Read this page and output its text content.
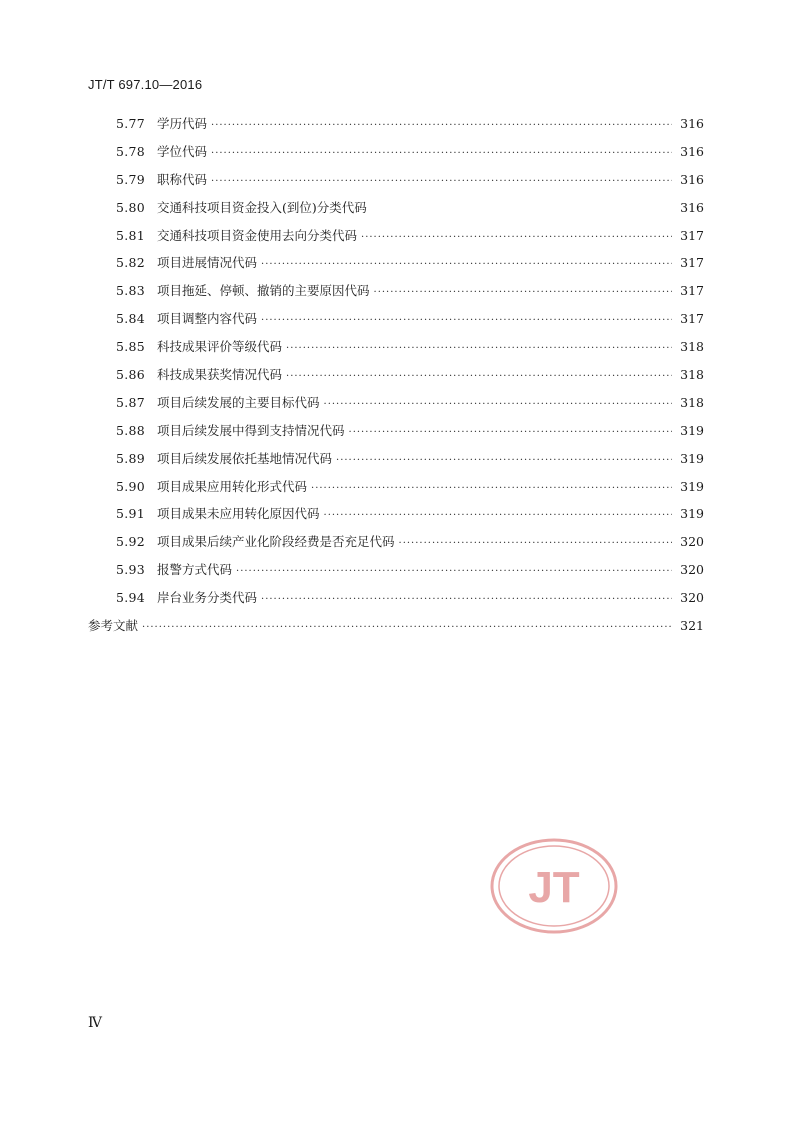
JT/T 697.10—2016
5.77 学历代码 ·····	316
5.78 学位代码 ·····	316
5.79 职称代码 ·····	316
5.80 交通科技项目资金投入(到位)分类代码	316
5.81 交通科技项目资金使用去向分类代码 ·····	317
5.82 项目进展情况代码 ·····	317
5.83 项目拖延、停顿、撤销的主要原因代码 ·····	317
5.84 项目调整内容代码 ·····	317
5.85 科技成果评价等级代码 ·····	318
5.86 科技成果获奖情况代码 ·····	318
5.87 项目后续发展的主要目标代码 ·····	318
5.88 项目后续发展中得到支持情况代码 ·····	319
5.89 项目后续发展依托基地情况代码 ·····	319
5.90 项目成果应用转化形式代码 ·····	319
5.91 项目成果未应用转化原因代码 ·····	319
5.92 项目成果后续产业化阶段经费是否充足代码 ·····	320
5.93 报警方式代码 ·····	320
5.94 岸台业务分类代码 ·····	320
参考文献 ·····	321
JT
Ⅳ
